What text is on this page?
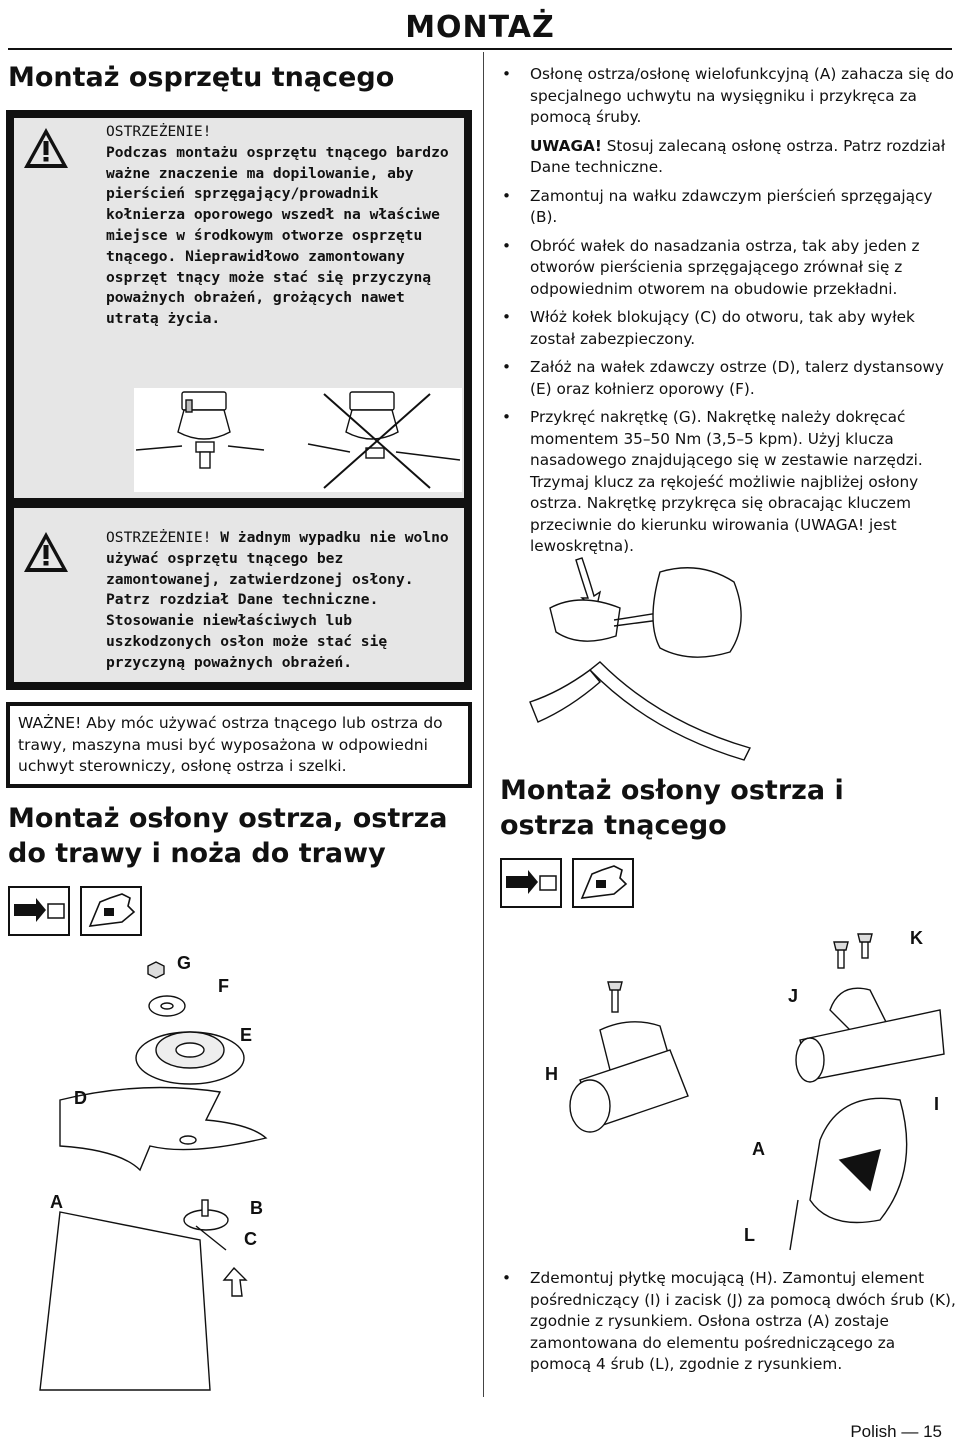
MONTAŻ
Montaż osprzętu tnącego
OSTRZEŻENIE!
Podczas montażu osprzętu tnącego bardzo ważne znaczenie ma dopilowanie, aby pierścień sprzęgający/prowadnik kołnierza oporowego wszedł na właściwe miejsce w środkowym otworze osprzętu tnącego. Nieprawidłowo zamontowany osprzęt tnący może stać się przyczyną poważnych obrażeń, grożących nawet utratą życia.
OSTRZEŻENIE! W żadnym wypadku nie wolno używać osprzętu tnącego bez zamontowanej, zatwierdzonej osłony. Patrz rozdział Dane techniczne. Stosowanie niewłaściwych lub uszkodzonych osłon może stać się przyczyną poważnych obrażeń.
WAŻNE! Aby móc używać ostrza tnącego lub ostrza do trawy, maszyna musi być wyposażona w odpowiedni uchwyt sterowniczy, osłonę ostrza i szelki.
Montaż osłony ostrza, ostrza do trawy i noża do trawy
G
F
E
D
A	B
C
• Osłonę ostrza/osłonę wielofunkcyjną (A) zahacza się do specjalnego uchwytu na wysięgniku i przykręca za pomocą śruby.
UWAGA! Stosuj zalecaną osłonę ostrza. Patrz rozdział Dane techniczne.
• Zamontuj na wałku zdawczym pierścień sprzęgający (B).
• Obróć wałek do nasadzania ostrza, tak aby jeden z otworów pierścienia sprzęgającego zrównał się z odpowiednim otworem na obudowie przekładni.
• Włóż kołek blokujący (C) do otworu, tak aby wyłek został zabezpieczony.
• Załóż na wałek zdawczy ostrze (D), talerz dystansowy (E) oraz kołnierz oporowy (F).
• Przykręć nakrętkę (G). Nakrętkę należy dokręcać momentem 35–50 Nm (3,5–5 kpm). Użyj klucza nasadowego znajdującego się w zestawie narzędzi. Trzymaj klucz za rękojeść możliwie najbliżej osłony ostrza. Nakrętkę przykręca się obracając kluczem przeciwnie do kierunku wirowania (UWAGA! jest lewoskrętna).
Montaż osłony ostrza i ostrza tnącego
K
J
H
I
A
L
• Zdemontuj płytkę mocującą (H). Zamontuj element pośredniczący (I) i zacisk (J) za pomocą dwóch śrub (K), zgodnie z rysunkiem. Osłona ostrza (A) zostaje zamontowana do elementu pośredniczącego za pomocą 4 śrub (L), zgodnie z rysunkiem.
Polish — 15
